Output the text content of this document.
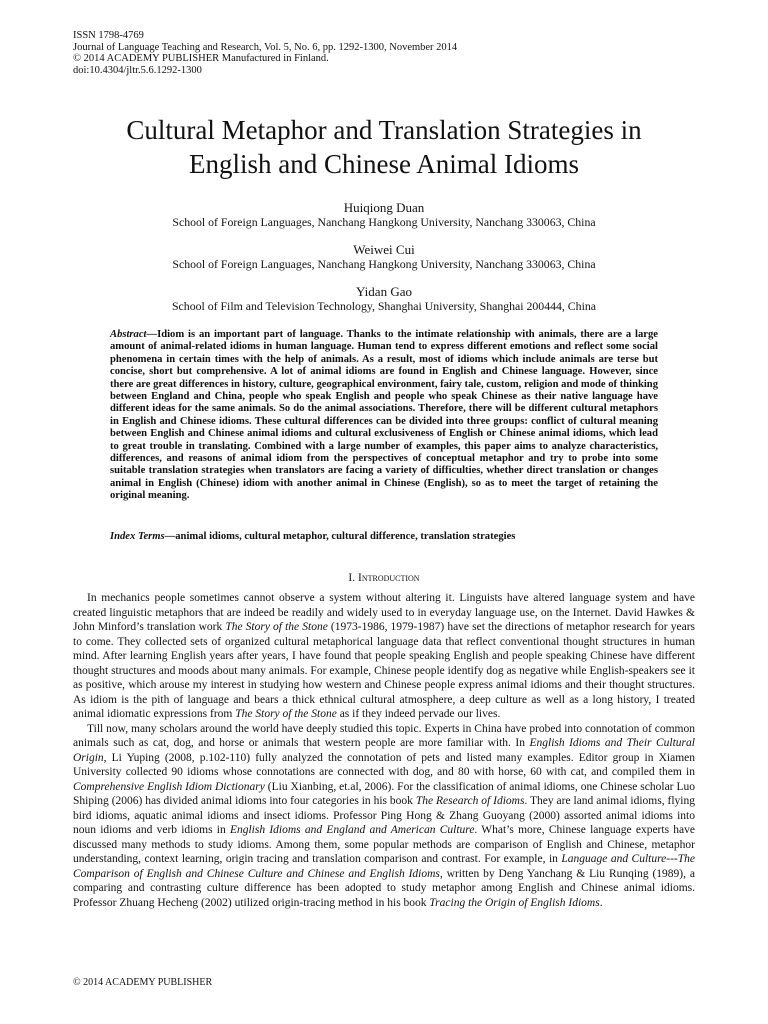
ISSN 1798-4769
Journal of Language Teaching and Research, Vol. 5, No. 6, pp. 1292-1300, November 2014
© 2014 ACADEMY PUBLISHER Manufactured in Finland.
doi:10.4304/jltr.5.6.1292-1300
Cultural Metaphor and Translation Strategies in
English and Chinese Animal Idioms
Huiqiong Duan
School of Foreign Languages, Nanchang Hangkong University, Nanchang 330063, China
Weiwei Cui
School of Foreign Languages, Nanchang Hangkong University, Nanchang 330063, China
Yidan Gao
School of Film and Television Technology, Shanghai University, Shanghai 200444, China
Abstract—Idiom is an important part of language. Thanks to the intimate relationship with animals, there are a large amount of animal-related idioms in human language. Human tend to express different emotions and reflect some social phenomena in certain times with the help of animals. As a result, most of idioms which include animals are terse but concise, short but comprehensive. A lot of animal idioms are found in English and Chinese language. However, since there are great differences in history, culture, geographical environment, fairy tale, custom, religion and mode of thinking between England and China, people who speak English and people who speak Chinese as their native language have different ideas for the same animals. So do the animal associations. Therefore, there will be different cultural metaphors in English and Chinese idioms. These cultural differences can be divided into three groups: conflict of cultural meaning between English and Chinese animal idioms and cultural exclusiveness of English or Chinese animal idioms, which lead to great trouble in translating. Combined with a large number of examples, this paper aims to analyze characteristics, differences, and reasons of animal idiom from the perspectives of conceptual metaphor and try to probe into some suitable translation strategies when translators are facing a variety of difficulties, whether direct translation or changes animal in English (Chinese) idiom with another animal in Chinese (English), so as to meet the target of retaining the original meaning.
Index Terms—animal idioms, cultural metaphor, cultural difference, translation strategies
I. Introduction

In mechanics people sometimes cannot observe a system without altering it. Linguists have altered language system and have created linguistic metaphors that are indeed be readily and widely used to in everyday language use, on the Internet. David Hawkes & John Minford’s translation work The Story of the Stone (1973-1986, 1979-1987) have set the directions of metaphor research for years to come. They collected sets of organized cultural metaphorical language data that reflect conventional thought structures in human mind. After learning English years after years, I have found that people speaking English and people speaking Chinese have different thought structures and moods about many animals. For example, Chinese people identify dog as negative while English-speakers see it as positive, which arouse my interest in studying how western and Chinese people express animal idioms and their thought structures. As idiom is the pith of language and bears a thick ethnical cultural atmosphere, a deep culture as well as a long history, I treated animal idiomatic expressions from The Story of the Stone as if they indeed pervade our lives.

Till now, many scholars around the world have deeply studied this topic. Experts in China have probed into connotation of common animals such as cat, dog, and horse or animals that western people are more familiar with. In English Idioms and Their Cultural Origin, Li Yuping (2008, p.102-110) fully analyzed the connotation of pets and listed many examples. Editor group in Xiamen University collected 90 idioms whose connotations are connected with dog, and 80 with horse, 60 with cat, and compiled them in Comprehensive English Idiom Dictionary (Liu Xianbing, et.al, 2006). For the classification of animal idioms, one Chinese scholar Luo Shiping (2006) has divided animal idioms into four categories in his book The Research of Idioms. They are land animal idioms, flying bird idioms, aquatic animal idioms and insect idioms. Professor Ping Hong & Zhang Guoyang (2000) assorted animal idioms into noun idioms and verb idioms in English Idioms and England and American Culture. What’s more, Chinese language experts have discussed many methods to study idioms. Among them, some popular methods are comparison of English and Chinese, metaphor understanding, context learning, origin tracing and translation comparison and contrast. For example, in Language and Culture---The Comparison of English and Chinese Culture and Chinese and English Idioms, written by Deng Yanchang & Liu Runqing (1989), a comparing and contrasting culture difference has been adopted to study metaphor among English and Chinese animal idioms. Professor Zhuang Hecheng (2002) utilized origin-tracing method in his book Tracing the Origin of English Idioms.

© 2014 ACADEMY PUBLISHER
